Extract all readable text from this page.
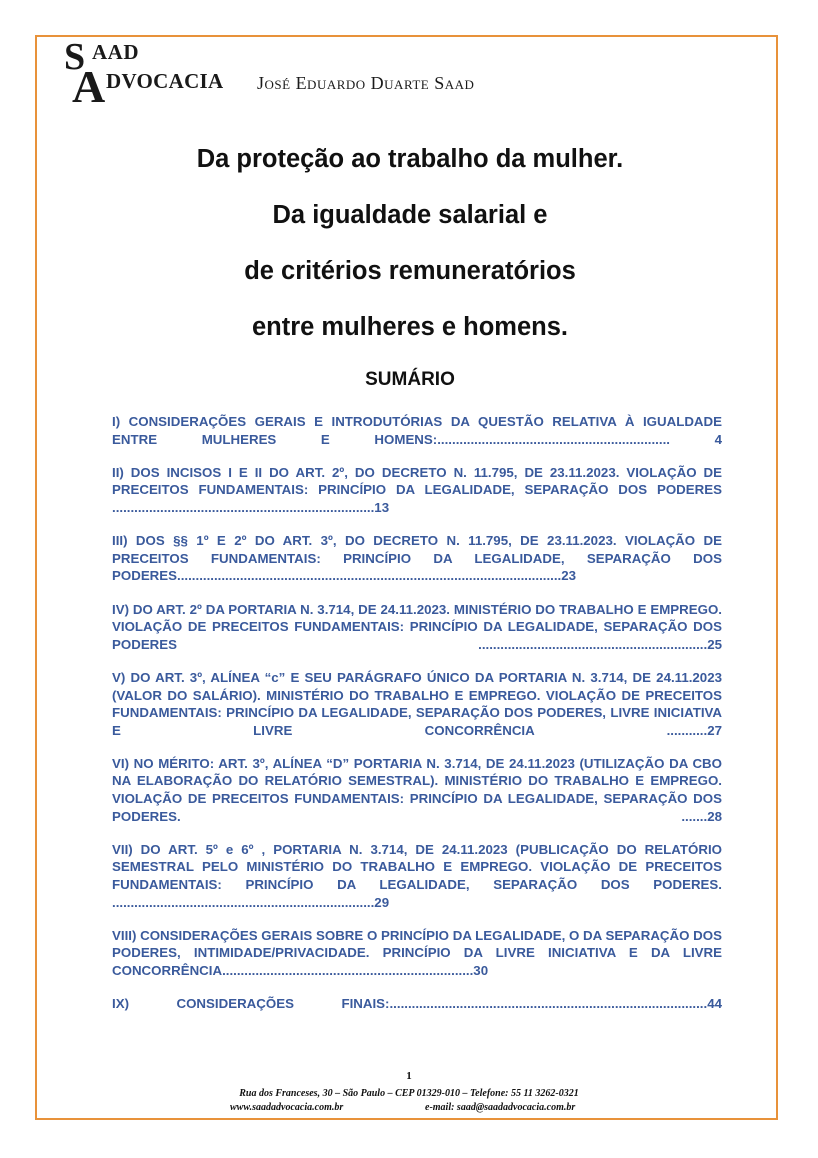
S AAD
A DVOCACIA José Eduardo Duarte Saad
Da proteção ao trabalho da mulher.
Da igualdade salarial e
de critérios remuneratórios
entre mulheres e homens.
SUMÁRIO
I) CONSIDERAÇÕES GERAIS E INTRODUTÓRIAS DA QUESTÃO RELATIVA À IGUALDADE ENTRE MULHERES E HOMENS:...............................................................	4
II) DOS INCISOS I E II DO ART. 2º, DO DECRETO N. 11.795, DE 23.11.2023. VIOLAÇÃO DE PRECEITOS FUNDAMENTAIS: PRINCÍPIO DA LEGALIDADE, SEPARAÇÃO DOS PODERES .......................................................................13
III) DOS §§ 1º E 2º DO ART. 3º, DO DECRETO N. 11.795, DE 23.11.2023. VIOLAÇÃO DE PRECEITOS FUNDAMENTAIS: PRINCÍPIO DA LEGALIDADE, SEPARAÇÃO DOS PODERES........................................................................................................23
IV) DO ART. 2º DA PORTARIA N. 3.714, DE 24.11.2023. MINISTÉRIO DO TRABALHO E EMPREGO. VIOLAÇÃO DE PRECEITOS FUNDAMENTAIS: PRINCÍPIO DA LEGALIDADE, SEPARAÇÃO DOS PODERES	..............................................................25
V) DO ART. 3º, ALÍNEA “c” E SEU PARÁGRAFO ÚNICO DA PORTARIA N. 3.714, DE 24.11.2023 (VALOR DO SALÁRIO). MINISTÉRIO DO TRABALHO E EMPREGO. VIOLAÇÃO DE PRECEITOS FUNDAMENTAIS: PRINCÍPIO DA LEGALIDADE, SEPARAÇÃO DOS PODERES, LIVRE INICIATIVA E LIVRE CONCORRÊNCIA	...........27
VI) NO MÉRITO: ART. 3º, ALÍNEA “D” PORTARIA N. 3.714, DE 24.11.2023 (UTILIZAÇÃO DA CBO NA ELABORAÇÃO DO RELATÓRIO SEMESTRAL). MINISTÉRIO DO TRABALHO E EMPREGO. VIOLAÇÃO DE PRECEITOS FUNDAMENTAIS: PRINCÍPIO DA LEGALIDADE, SEPARAÇÃO DOS PODERES.	.......28
VII) DO ART. 5º e 6º , PORTARIA N. 3.714, DE 24.11.2023 (PUBLICAÇÃO DO RELATÓRIO SEMESTRAL PELO MINISTÉRIO DO TRABALHO E EMPREGO. VIOLAÇÃO DE PRECEITOS FUNDAMENTAIS: PRINCÍPIO DA LEGALIDADE, SEPARAÇÃO DOS PODERES. .......................................................................29
VIII) CONSIDERAÇÕES GERAIS SOBRE O PRINCÍPIO DA LEGALIDADE, O DA SEPARAÇÃO DOS PODERES, INTIMIDADE/PRIVACIDADE. PRINCÍPIO DA LIVRE INICIATIVA E DA LIVRE CONCORRÊNCIA....................................................................30
IX) CONSIDERAÇÕES FINAIS:......................................................................................44
1
Rua dos Franceses, 30 – São Paulo – CEP 01329-010 – Telefone: 55 11 3262-0321
www.saadadvocacia.com.br	e-mail: saad@saadadvocacia.com.br
